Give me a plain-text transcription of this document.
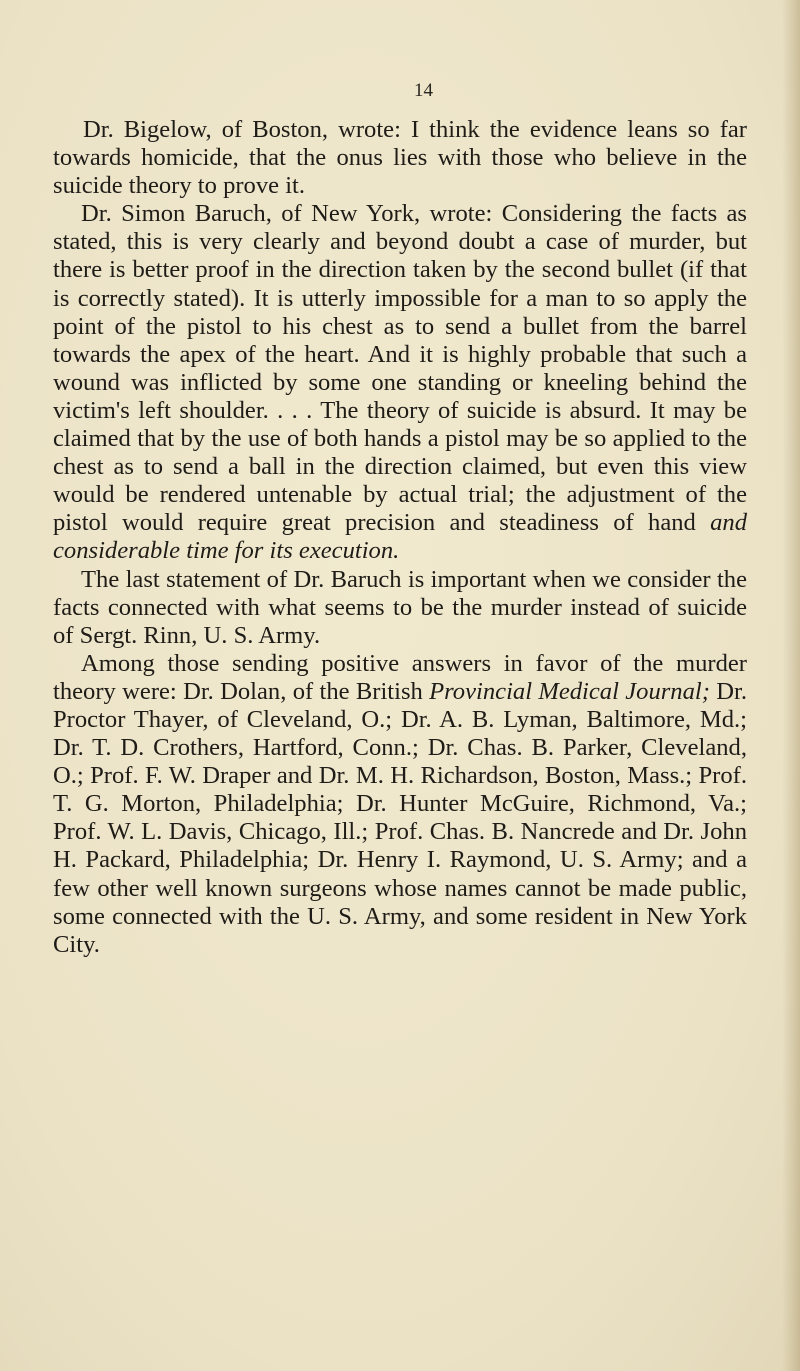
14

Dr. Bigelow, of Boston, wrote: I think the evidence leans so far towards homicide, that the onus lies with those who believe in the suicide theory to prove it.

Dr. Simon Baruch, of New York, wrote: Considering the facts as stated, this is very clearly and beyond doubt a case of murder, but there is better proof in the direction taken by the second bullet (if that is correctly stated). It is utterly impossible for a man to so apply the point of the pistol to his chest as to send a bullet from the barrel towards the apex of the heart. And it is highly probable that such a wound was inflicted by some one standing or kneeling behind the victim's left shoulder. . . . The theory of suicide is absurd. It may be claimed that by the use of both hands a pistol may be so applied to the chest as to send a ball in the direction claimed, but even this view would be rendered untenable by actual trial; the adjustment of the pistol would require great precision and steadiness of hand and considerable time for its execution.

The last statement of Dr. Baruch is important when we consider the facts connected with what seems to be the murder instead of suicide of Sergt. Rinn, U. S. Army.

Among those sending positive answers in favor of the murder theory were: Dr. Dolan, of the British Provincial Medical Journal; Dr. Proctor Thayer, of Cleveland, O.; Dr. A. B. Lyman, Baltimore, Md.; Dr. T. D. Crothers, Hartford, Conn.; Dr. Chas. B. Parker, Cleveland, O.; Prof. F. W. Draper and Dr. M. H. Richardson, Boston, Mass.; Prof. T. G. Morton, Philadelphia; Dr. Hunter McGuire, Richmond, Va.; Prof. W. L. Davis, Chicago, Ill.; Prof. Chas. B. Nancrede and Dr. John H. Packard, Philadelphia; Dr. Henry I. Raymond, U. S. Army; and a few other well known surgeons whose names cannot be made public, some connected with the U. S. Army, and some resident in New York City.
